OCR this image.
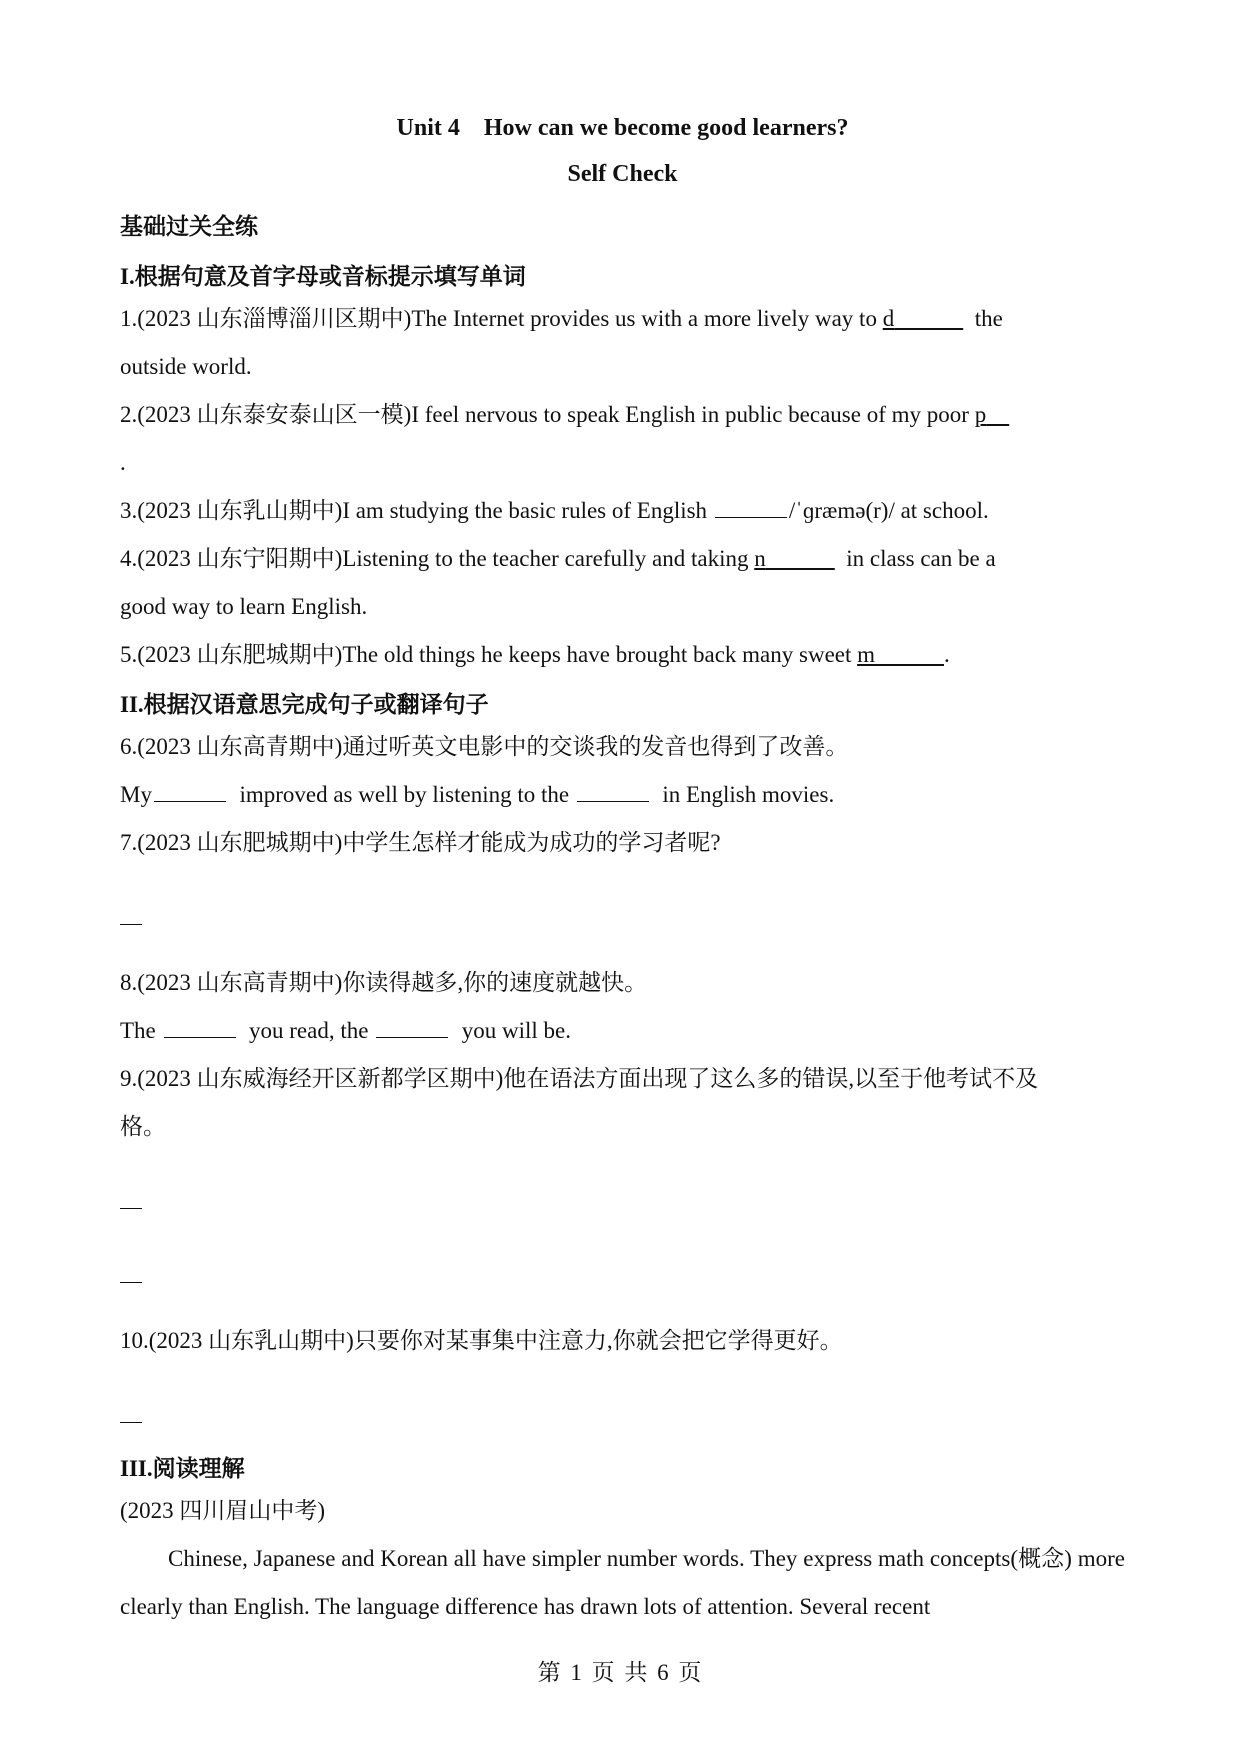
Unit 4    How can we become good learners?
Self Check
基础过关全练
I.根据句意及首字母或音标提示填写单词
1.(2023 山东淄博淄川区期中)The Internet provides us with a more lively way to d	the
outside world.
2.(2023 山东泰安泰山区一模)I feel nervous to speak English in public because of my poor p
.
3.(2023 山东乳山期中)I am studying the basic rules of English	/ˈɡræmə(r)/ at school.
4.(2023 山东宁阳期中)Listening to the teacher carefully and taking n	in class can be a
good way to learn English.
5.(2023 山东肥城期中)The old things he keeps have brought back many sweet m	.
II.根据汉语意思完成句子或翻译句子
6.(2023 山东高青期中)通过听英文电影中的交谈我的发音也得到了改善。
My	improved as well by listening to the	in English movies.
7.(2023 山东肥城期中)中学生怎样才能成为成功的学习者呢?
8.(2023 山东高青期中)你读得越多,你的速度就越快。
The	you read, the	you will be.
9.(2023 山东威海经开区新都学区期中)他在语法方面出现了这么多的错误,以至于他考试不及
格。
10.(2023 山东乳山期中)只要你对某事集中注意力,你就会把它学得更好。
III.阅读理解
(2023 四川眉山中考)
Chinese, Japanese and Korean all have simpler number words. They express math concepts(概念) more clearly than English. The language difference has drawn lots of attention. Several recent
第 1 页 共 6 页
